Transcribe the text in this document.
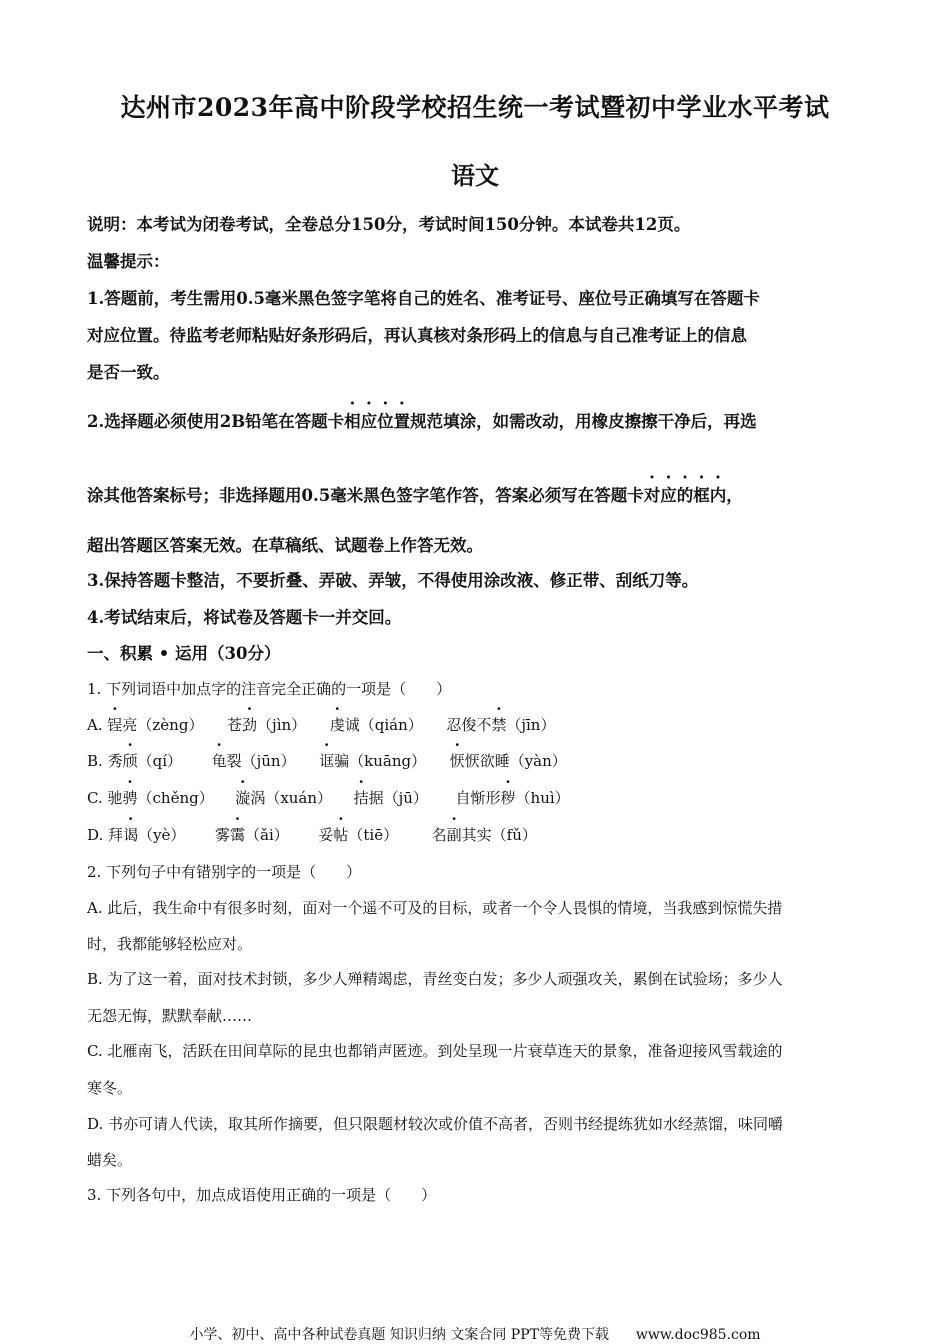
达州市2023年高中阶段学校招生统一考试暨初中学业水平考试
语文
说明：本考试为闭卷考试，全卷总分150分，考试时间150分钟。本试卷共12页。
温馨提示：
1.答题前，考生需用0.5毫米黑色签字笔将自己的姓名、准考证号、座位号正确填写在答题卡
对应位置。待监考老师粘贴好条形码后，再认真核对条形码上的信息与自己准考证上的信息
是否一致。
2.选择题必须使用2B铅笔在答题卡相应位置规范填涂，如需改动，用橡皮擦擦干净后，再选
涂其他答案标号；非选择题用0.5毫米黑色签字笔作答，答案必须写在答题卡对应的框内，
超出答题区答案无效。在草稿纸、试题卷上作答无效。
3.保持答题卡整洁，不要折叠、弄破、弄皱，不得使用涂改液、修正带、刮纸刀等。
4.考试结束后，将试卷及答题卡一并交回。
一、积累 • 运用（30分）
1. 下列词语中加点字的注音完全正确的一项是（　　）
A. 锃亮（zèng） 苍劲（jìn） 虔诚（qián） 忍俊不禁（jīn）
B. 秀颀（qí） 龟裂（jūn） 诓骗（kuāng） 恹恹欲睡（yàn）
C. 驰骋（chěng） 漩涡（xuán） 拮据（jū） 自惭形秽（huì）
D. 拜谒（yè） 雾霭（ǎi） 妥帖（tiē） 名副其实（fǔ）
2. 下列句子中有错别字的一项是（　　）
A. 此后，我生命中有很多时刻，面对一个遥不可及的目标，或者一个令人畏惧的情境，当我感到惊慌失措
时，我都能够轻松应对。
B. 为了这一着，面对技术封锁，多少人殚精竭虑，青丝变白发；多少人顽强攻关，累倒在试验场；多少人
无怨无悔，默默奉献……
C. 北雁南飞，活跃在田间草际的昆虫也都销声匿迹。到处呈现一片衰草连天的景象，准备迎接风雪载途的
寒冬。
D. 书亦可请人代读，取其所作摘要，但只限题材较次或价值不高者，否则书经提练犹如水经蒸馏，味同嚼
蜡矣。
3. 下列各句中，加点成语使用正确的一项是（　　）
小学、初中、高中各种试卷真题 知识归纳 文案合同 PPT等免费下载 www.doc985.com
